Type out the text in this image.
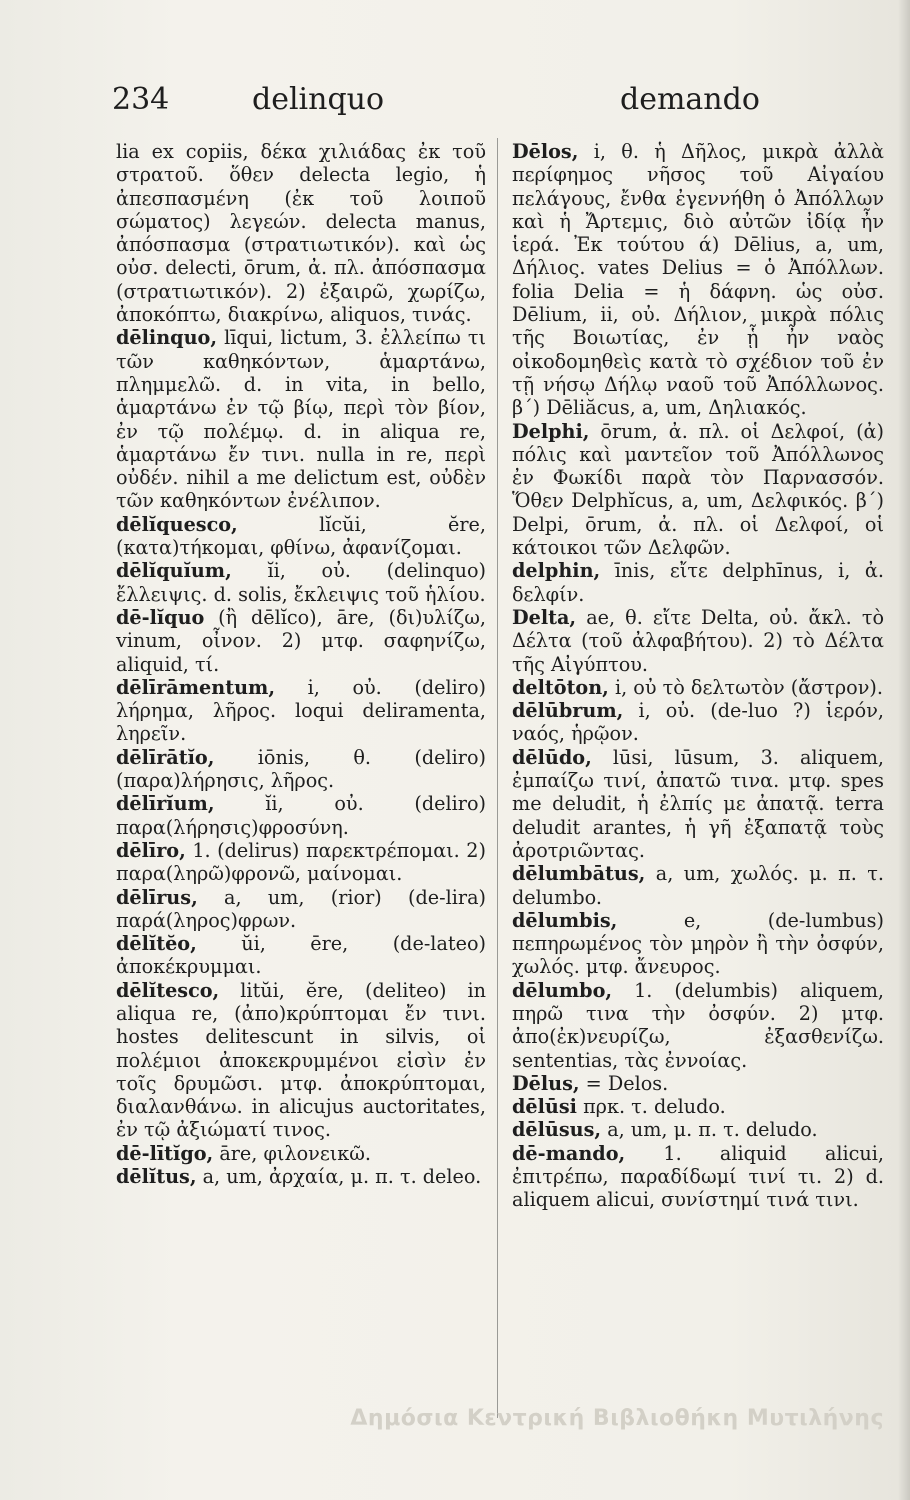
234	delinquo	demando

lia ex copiis, δέκα χιλιάδας ἐκ τοῦ στρατοῦ. ὅθεν delecta legio, ἡ ἀπεσπασμένη (ἐκ τοῦ λοιποῦ σώματος) λεγεών. delecta manus, ἀπόσπασμα (στρατιωτικόν). καὶ ὡς οὐσ. delecti, ōrum, ἀ. πλ. ἀπόσπασμα (στρατιωτικόν). 2) ἐξαιρῶ, χωρίζω, ἀποκόπτω, διακρίνω, aliquos, τινάς.

dēlinquo, līqui, lictum, 3. ἐλλείπω τι τῶν καθηκόντων, ἁμαρτάνω, πλημμελῶ. d. in vita, in bello, ἁμαρτάνω ἐν τῷ βίῳ, περὶ τὸν βίον, ἐν τῷ πολέμῳ. d. in aliqua re, ἁμαρτάνω ἔν τινι. nulla in re, περὶ οὐδέν. nihil a me delictum est, οὐδὲν τῶν καθηκόντων ἐνέλιπον.

dēlĭquesco, lĭcŭi, ĕre, (κατα)τήκομαι, φθίνω, ἀφανίζομαι.

dēlĭquĭum, ĭi, οὐ. (delinquo) ἔλλειψις. d. solis, ἔκλειψις τοῦ ἡλίου.

dē-lĭquo (ἢ dēlĭco), āre, (δι)υλίζω, vinum, οἶνον. 2) μτφ. σαφηνίζω, aliquid, τί.

dēlīrāmentum, i, οὐ. (deliro) λήρημα, λῆρος. loqui deliramenta, ληρεῖν.

dēlīrātĭo, iōnis, θ. (deliro) (παρα)λήρησις, λῆρος.

dēlīrĭum, ĭi, οὐ. (deliro) παρα(λήρησις)φροσύνη.

dēlīro, 1. (delirus) παρεκτρέπομαι. 2) παρα(ληρῶ)φρονῶ, μαίνομαι.

dēlīrus, a, um, (rior) (de-lira) παρά(ληρος)φρων.

dēlĭtĕo, ŭi, ēre, (de-lateo) ἀποκέκρυμμαι.

dēlĭtesco, litŭi, ĕre, (deliteo) in aliqua re, (ἀπο)κρύπτομαι ἔν τινι. hostes delitescunt in silvis, οἱ πολέμιοι ἀποκεκρυμμένοι εἰσὶν ἐν τοῖς δρυμῶσι. μτφ. ἀποκρύπτομαι, διαλανθάνω. in alicujus auctoritates, ἐν τῷ ἀξιώματί τινος.

dē-lītĭgo, āre, φιλονεικῶ.

dēlĭtus, a, um, ἀρχαία, μ. π. τ. deleo.

Dēlos, i, θ. ἡ Δῆλος, μικρὰ ἀλλὰ περίφημος νῆσος τοῦ Αἰγαίου πελάγους, ἔνθα ἐγεννήθη ὁ Ἀπόλλων καὶ ἡ Ἄρτεμις, διὸ αὐτῶν ἰδίᾳ ἦν ἱερά. Ἐκ τούτου ά) Dēlius, a, um, Δήλιος. vates Delius = ὁ Ἀπόλλων. folia Delia = ἡ δάφνη. ὡς οὐσ. Dēlium, ii, οὐ. Δήλιον, μικρὰ πόλις τῆς Βοιωτίας, ἐν ᾗ ἦν ναὸς οἰκοδομηθεὶς κατὰ τὸ σχέδιον τοῦ ἐν τῇ νήσῳ Δήλῳ ναοῦ τοῦ Ἀπόλλωνος. β΄) Dēliăcus, a, um, Δηλιακός.

Delphi, ōrum, ἀ. πλ. οἱ Δελφοί, (ἀ) πόλις καὶ μαντεῖον τοῦ Ἀπόλλωνος ἐν Φωκίδι παρὰ τὸν Παρνασσόν. Ὅθεν Delphĭcus, a, um, Δελφικός. β΄) Delpi, ōrum, ἀ. πλ. οἱ Δελφοί, οἱ κάτοικοι τῶν Δελφῶν.

delphin, īnis, εἴτε delphīnus, i, ἀ. δελφίν.

Delta, ae, θ. εἴτε Delta, οὐ. ἄκλ. τὸ Δέλτα (τοῦ ἀλφαβήτου). 2) τὸ Δέλτα τῆς Αἰγύπτου.

deltōton, i, οὐ τὸ δελτωτὸν (ἄστρον).

dēlūbrum, i, οὐ. (de-luo ?) ἱερόν, ναός, ἡρῷον.

dēlūdo, lūsi, lūsum, 3. aliquem, ἐμπαίζω τινί, ἀπατῶ τινα. μτφ. spes me deludit, ἡ ἐλπίς με ἀπατᾷ. terra deludit arantes, ἡ γῆ ἐξαπατᾷ τοὺς ἀροτριῶντας.

dēlumbātus, a, um, χωλός. μ. π. τ. delumbo.

dēlumbis, e, (de-lumbus) πεπηρωμένος τὸν μηρὸν ἢ τὴν ὀσφύν, χωλός. μτφ. ἄνευρος.

dēlumbo, 1. (delumbis) aliquem, πηρῶ τινα τὴν ὀσφύν. 2) μτφ. ἀπο(ἐκ)νευρίζω, ἐξασθενίζω. sententias, τὰς ἐννοίας.

Dēlus, = Delos.

dēlūsi πρκ. τ. deludo.

dēlūsus, a, um, μ. π. τ. deludo.

dē-mando, 1. aliquid alicui, ἐπιτρέπω, παραδίδωμί τινί τι. 2) d. aliquem alicui, συνίστημί τινά τινι.

Δημόσια Κεντρική Βιβλιοθήκη Μυτιλήνης
